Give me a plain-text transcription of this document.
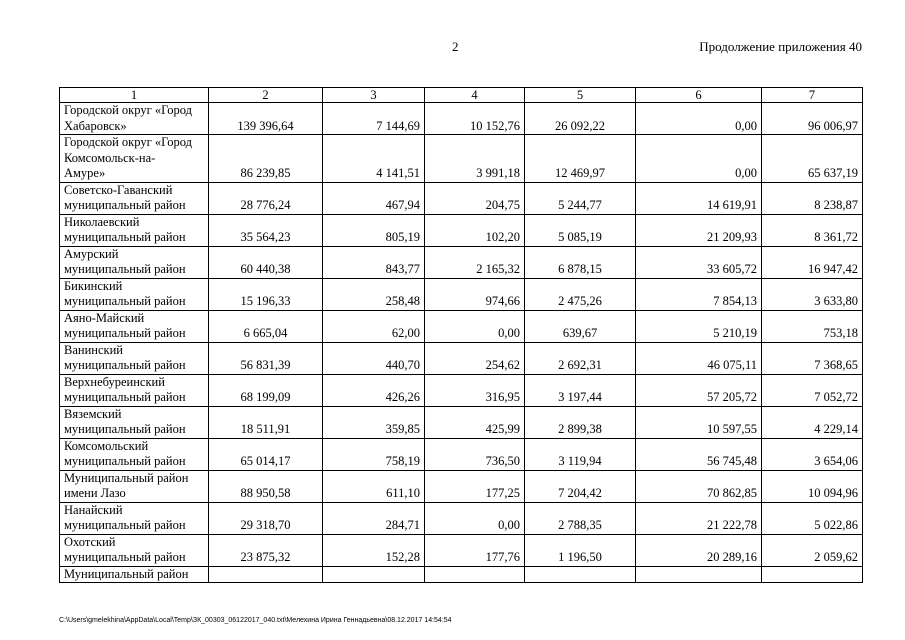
2	Продолжение приложения 40
1	2	3	4	5	6	7

Городской округ «Город
Хабаровск»	139 396,64	7 144,69	10 152,76	26 092,22	0,00	96 006,97

Городской округ «Город
Комсомольск-на-
Амуре»	86 239,85	4 141,51	3 991,18	12 469,97	0,00	65 637,19

Советско-Гаванский
муниципальный район	28 776,24	467,94	204,75	5 244,77	14 619,91	8 238,87

Николаевский
муниципальный район	35 564,23	805,19	102,20	5 085,19	21 209,93	8 361,72

Амурский
муниципальный район	60 440,38	843,77	2 165,32	6 878,15	33 605,72	16 947,42

Бикинский
муниципальный район	15 196,33	258,48	974,66	2 475,26	7 854,13	3 633,80

Аяно-Майский
муниципальный район	6 665,04	62,00	0,00	639,67	5 210,19	753,18

Ванинский
муниципальный район	56 831,39	440,70	254,62	2 692,31	46 075,11	7 368,65

Верхнебуреинский
муниципальный район	68 199,09	426,26	316,95	3 197,44	57 205,72	7 052,72

Вяземский
муниципальный район	18 511,91	359,85	425,99	2 899,38	10 597,55	4 229,14

Комсомольский
муниципальный район	65 014,17	758,19	736,50	3 119,94	56 745,48	3 654,06

Муниципальный район
имени Лазо	88 950,58	611,10	177,25	7 204,42	70 862,85	10 094,96

Нанайский
муниципальный район	29 318,70	284,71	0,00	2 788,35	21 222,78	5 022,86

Охотский
муниципальный район	23 875,32	152,28	177,76	1 196,50	20 289,16	2 059,62

Муниципальный район						

C:\Users\gmelekhina\AppData\Local\Temp\ЗК_00303_06122017_040.txt\Мелехина Ирина Геннадьевна\08.12.2017 14:54:54
